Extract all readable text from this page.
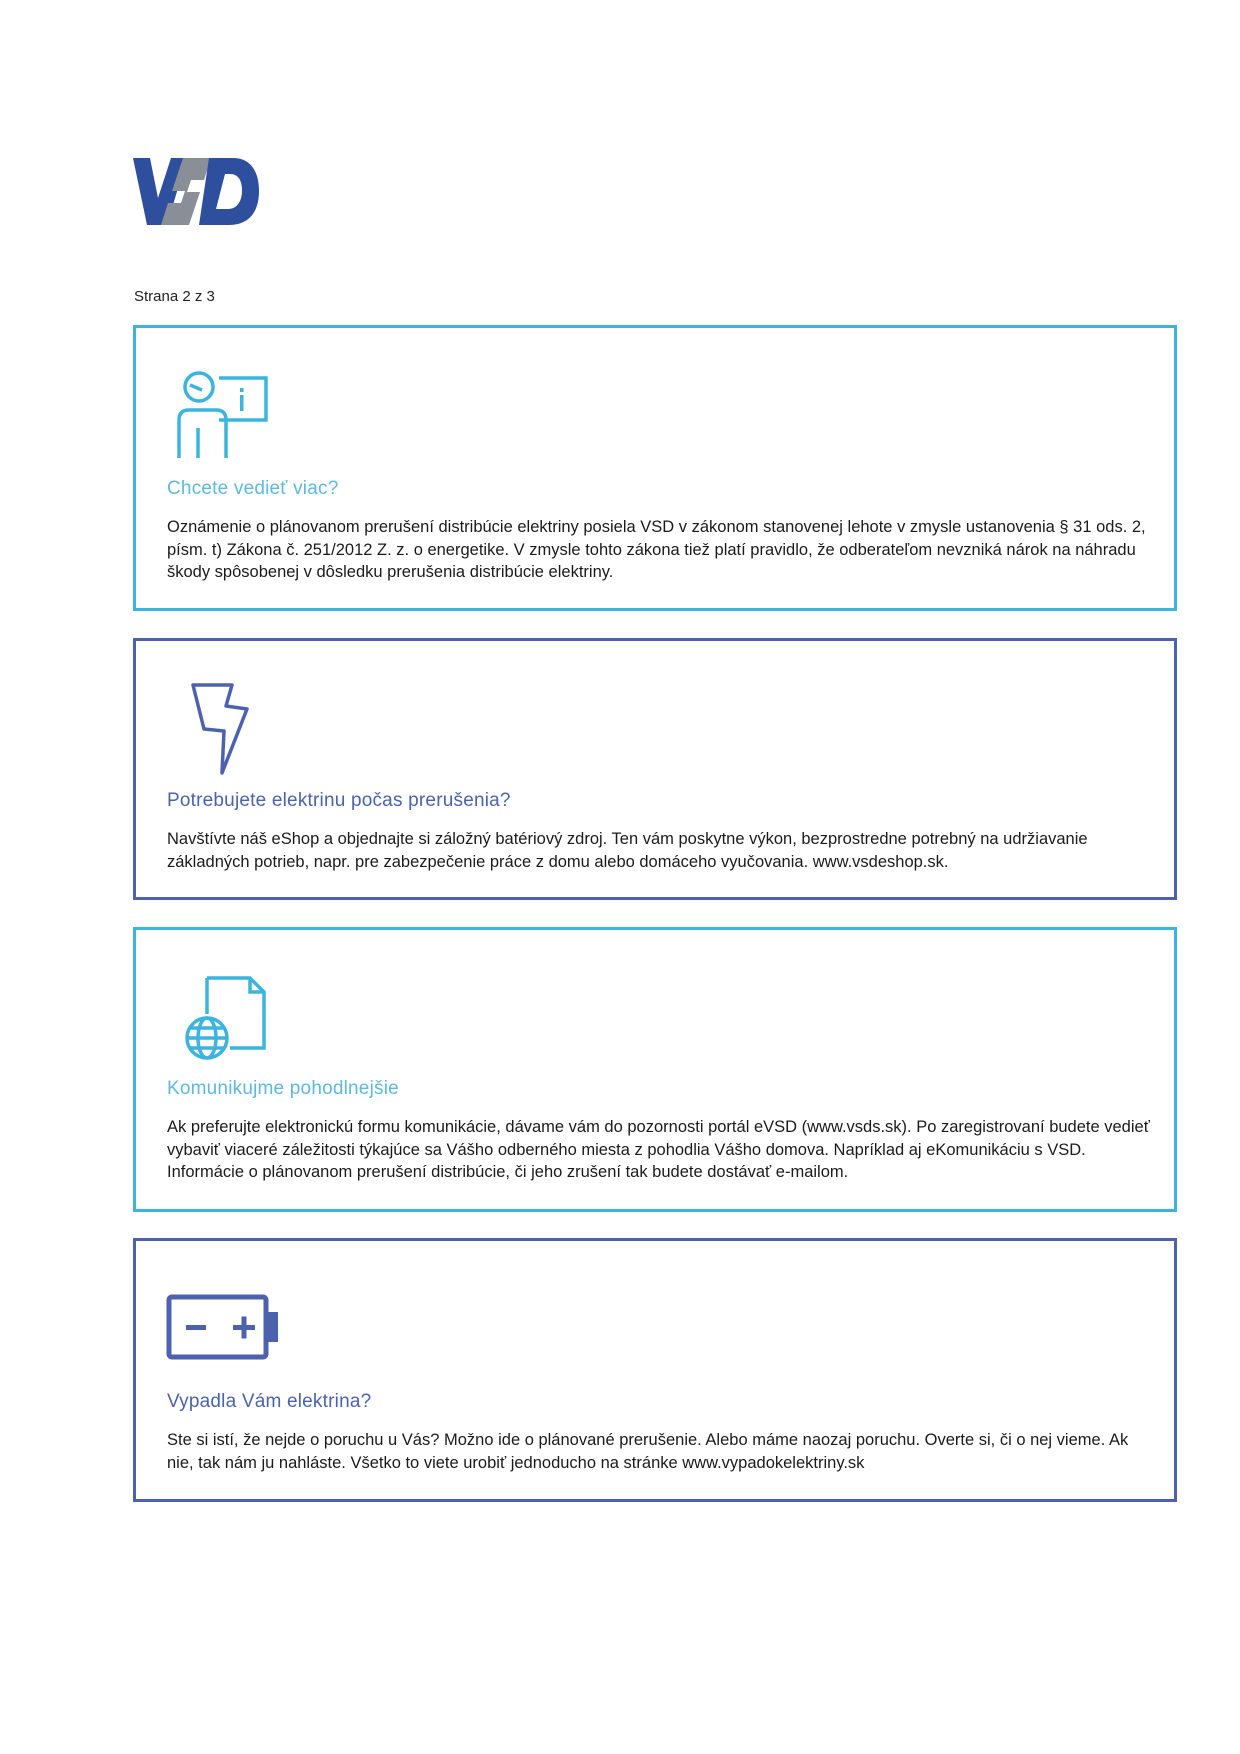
Strana 2 z 3
Chcete vedieť viac?
Oznámenie o plánovanom prerušení distribúcie elektriny posiela VSD v zákonom stanovenej lehote v zmysle ustanovenia § 31 ods. 2, písm. t) Zákona č. 251/2012 Z. z. o energetike. V zmysle tohto zákona tiež platí pravidlo, že odberateľom nevzniká nárok na náhradu škody spôsobenej v dôsledku prerušenia distribúcie elektriny.
Potrebujete elektrinu počas prerušenia?
Navštívte náš eShop a objednajte si záložný batériový zdroj. Ten vám poskytne výkon, bezprostredne potrebný na udržiavanie základných potrieb, napr. pre zabezpečenie práce z domu alebo domáceho vyučovania. www.vsdeshop.sk.
Komunikujme pohodlnejšie
Ak preferujte elektronickú formu komunikácie, dávame vám do pozornosti portál eVSD (www.vsds.sk). Po zaregistrovaní budete vedieť vybaviť viaceré záležitosti týkajúce sa Vášho odberného miesta z pohodlia Vášho domova. Napríklad aj eKomunikáciu s VSD. Informácie o plánovanom prerušení distribúcie, či jeho zrušení tak budete dostávať e-mailom.
Vypadla Vám elektrina?
Ste si istí, že nejde o poruchu u Vás? Možno ide o plánované prerušenie. Alebo máme naozaj poruchu. Overte si, či o nej vieme. Ak nie, tak nám ju nahláste. Všetko to viete urobiť jednoducho na stránke www.vypadokelektriny.sk
